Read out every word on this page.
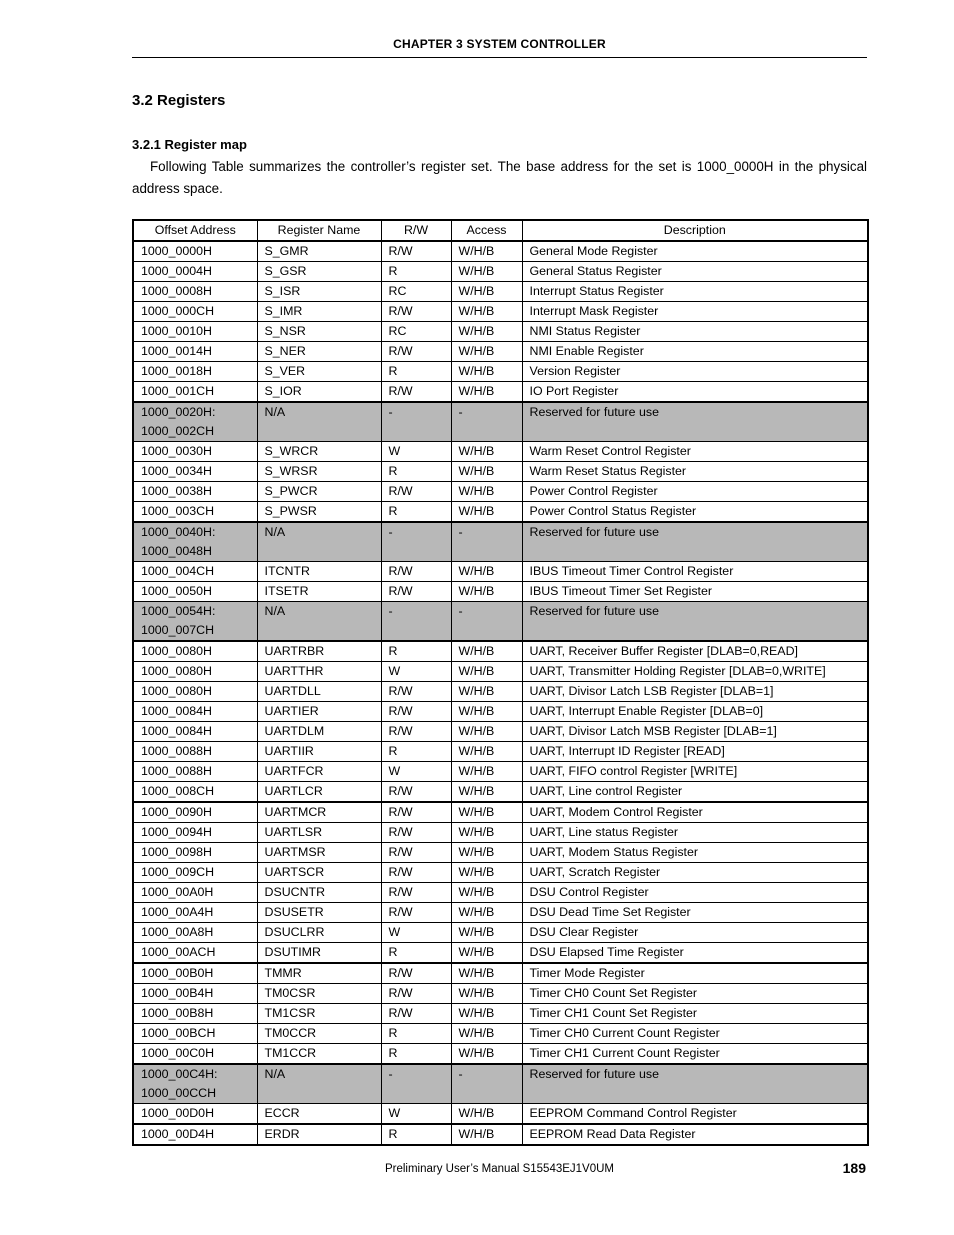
CHAPTER 3 SYSTEM CONTROLLER
3.2 Registers
3.2.1 Register map

Following Table summarizes the controller’s register set. The base address for the set is 1000_0000H in the physical address space.

Offset Address	Register Name	R/W	Access	Description
1000_0000H	S_GMR	R/W	W/H/B	General Mode Register
1000_0004H	S_GSR	R	W/H/B	General Status Register
1000_0008H	S_ISR	RC	W/H/B	Interrupt Status Register
1000_000CH	S_IMR	R/W	W/H/B	Interrupt Mask Register
1000_0010H	S_NSR	RC	W/H/B	NMI Status Register
1000_0014H	S_NER	R/W	W/H/B	NMI Enable Register
1000_0018H	S_VER	R	W/H/B	Version Register
1000_001CH	S_IOR	R/W	W/H/B	IO Port Register
1000_0020H:
1000_002CH	N/A	-	-	Reserved for future use
1000_0030H	S_WRCR	W	W/H/B	Warm Reset Control Register
1000_0034H	S_WRSR	R	W/H/B	Warm Reset Status Register
1000_0038H	S_PWCR	R/W	W/H/B	Power Control Register
1000_003CH	S_PWSR	R	W/H/B	Power Control Status Register
1000_0040H:
1000_0048H	N/A	-	-	Reserved for future use
1000_004CH	ITCNTR	R/W	W/H/B	IBUS Timeout Timer Control Register
1000_0050H	ITSETR	R/W	W/H/B	IBUS Timeout Timer Set Register
1000_0054H:
1000_007CH	N/A	-	-	Reserved for future use
1000_0080H	UARTRBR	R	W/H/B	UART, Receiver Buffer Register [DLAB=0,READ]
1000_0080H	UARTTHR	W	W/H/B	UART, Transmitter Holding Register [DLAB=0,WRITE]
1000_0080H	UARTDLL	R/W	W/H/B	UART, Divisor Latch LSB Register [DLAB=1]
1000_0084H	UARTIER	R/W	W/H/B	UART, Interrupt Enable Register [DLAB=0]
1000_0084H	UARTDLM	R/W	W/H/B	UART, Divisor Latch MSB Register [DLAB=1]
1000_0088H	UARTIIR	R	W/H/B	UART, Interrupt ID Register [READ]
1000_0088H	UARTFCR	W	W/H/B	UART, FIFO control Register [WRITE]
1000_008CH	UARTLCR	R/W	W/H/B	UART, Line control Register
1000_0090H	UARTMCR	R/W	W/H/B	UART, Modem Control Register
1000_0094H	UARTLSR	R/W	W/H/B	UART, Line status Register
1000_0098H	UARTMSR	R/W	W/H/B	UART, Modem Status Register
1000_009CH	UARTSCR	R/W	W/H/B	UART, Scratch Register
1000_00A0H	DSUCNTR	R/W	W/H/B	DSU Control Register
1000_00A4H	DSUSETR	R/W	W/H/B	DSU Dead Time Set Register
1000_00A8H	DSUCLRR	W	W/H/B	DSU Clear Register
1000_00ACH	DSUTIMR	R	W/H/B	DSU Elapsed Time Register
1000_00B0H	TMMR	R/W	W/H/B	Timer Mode Register
1000_00B4H	TM0CSR	R/W	W/H/B	Timer CH0 Count Set Register
1000_00B8H	TM1CSR	R/W	W/H/B	Timer CH1 Count Set Register
1000_00BCH	TM0CCR	R	W/H/B	Timer CH0 Current Count Register
1000_00C0H	TM1CCR	R	W/H/B	Timer CH1 Current Count Register
1000_00C4H:
1000_00CCH	N/A	-	-	Reserved for future use
1000_00D0H	ECCR	W	W/H/B	EEPROM Command Control Register
1000_00D4H	ERDR	R	W/H/B	EEPROM Read Data Register
Preliminary User’s Manual S15543EJ1V0UM	189
